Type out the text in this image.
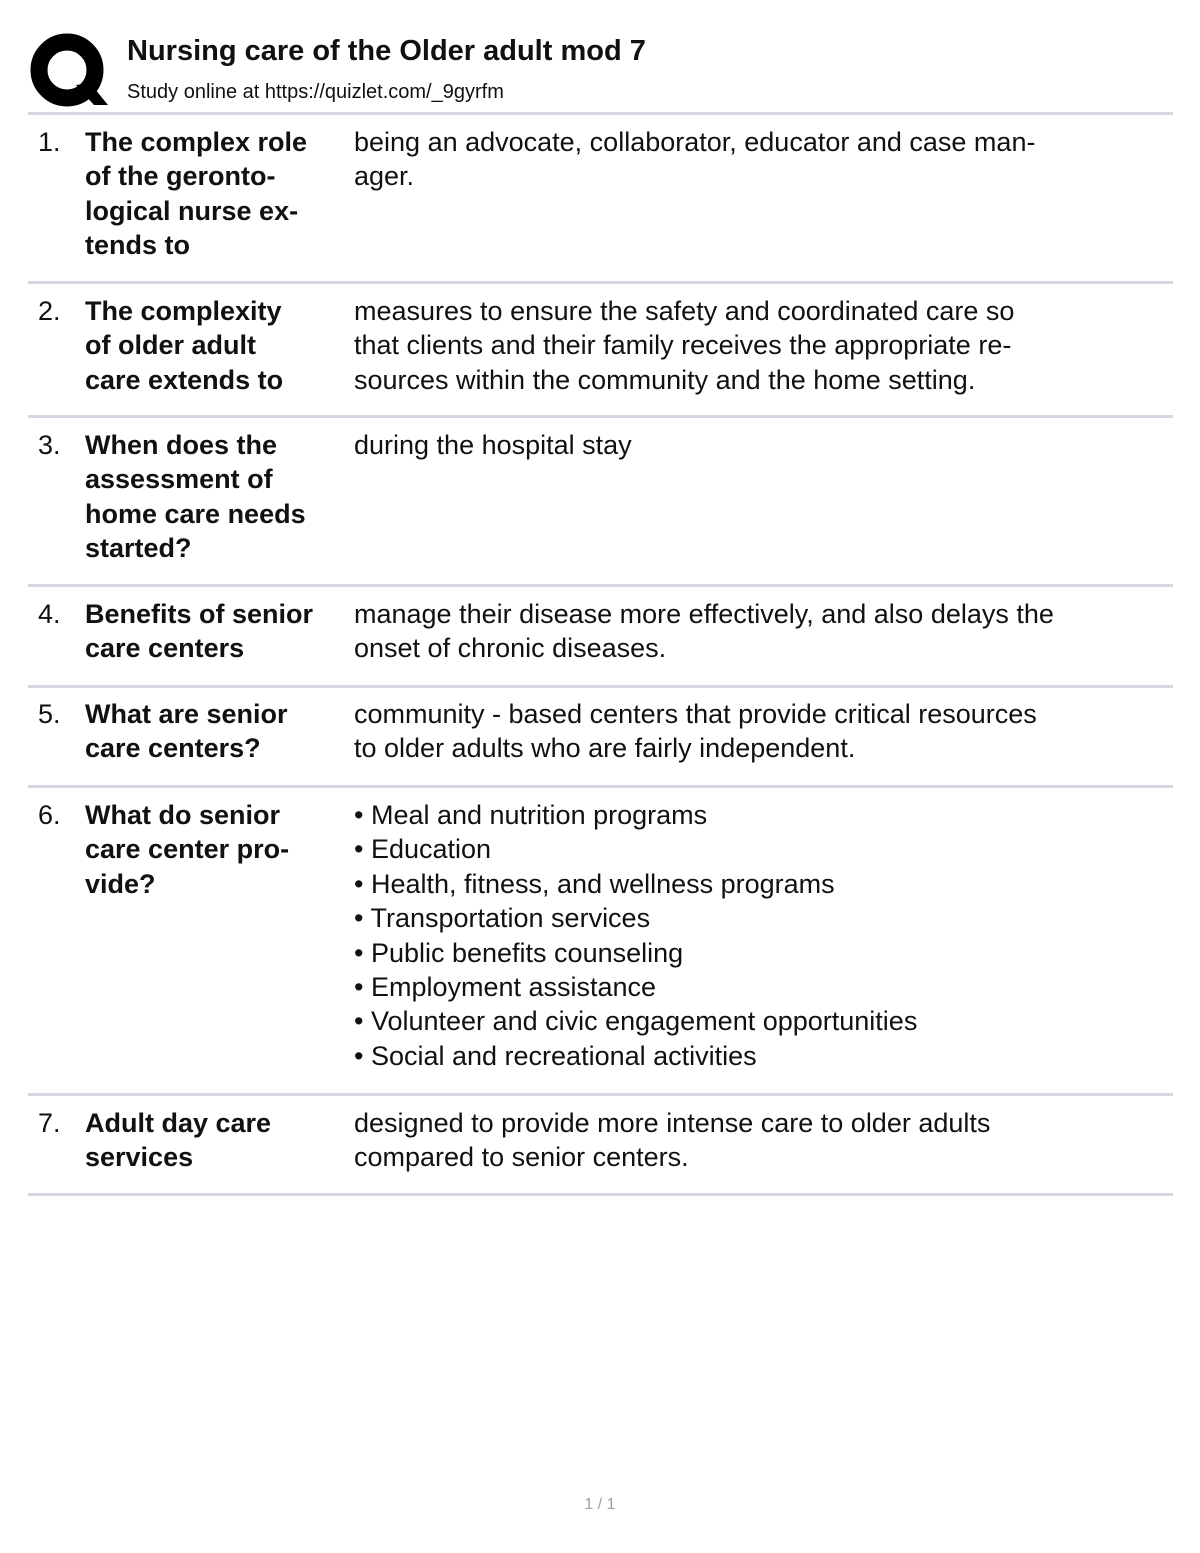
Nursing care of the Older adult mod 7
Study online at https://quizlet.com/_9gyrfm
1. The complex role
of the geronto-
logical nurse ex-
tends to
being an advocate, collaborator, educator and case man-
ager.
2. The complexity
of older adult
care extends to
measures to ensure the safety and coordinated care so
that clients and their family receives the appropriate re-
sources within the community and the home setting.
3. When does the
assessment of
home care needs
started?
during the hospital stay
4. Benefits of senior
care centers
manage their disease more effectively, and also delays the
onset of chronic diseases.
5. What are senior
care centers?
community - based centers that provide critical resources
to older adults who are fairly independent.
6. What do senior
care center pro-
vide?
• Meal and nutrition programs
• Education
• Health, fitness, and wellness programs
• Transportation services
• Public benefits counseling
• Employment assistance
• Volunteer and civic engagement opportunities
• Social and recreational activities
7. Adult day care
services
designed to provide more intense care to older adults
compared to senior centers.
1 / 1
